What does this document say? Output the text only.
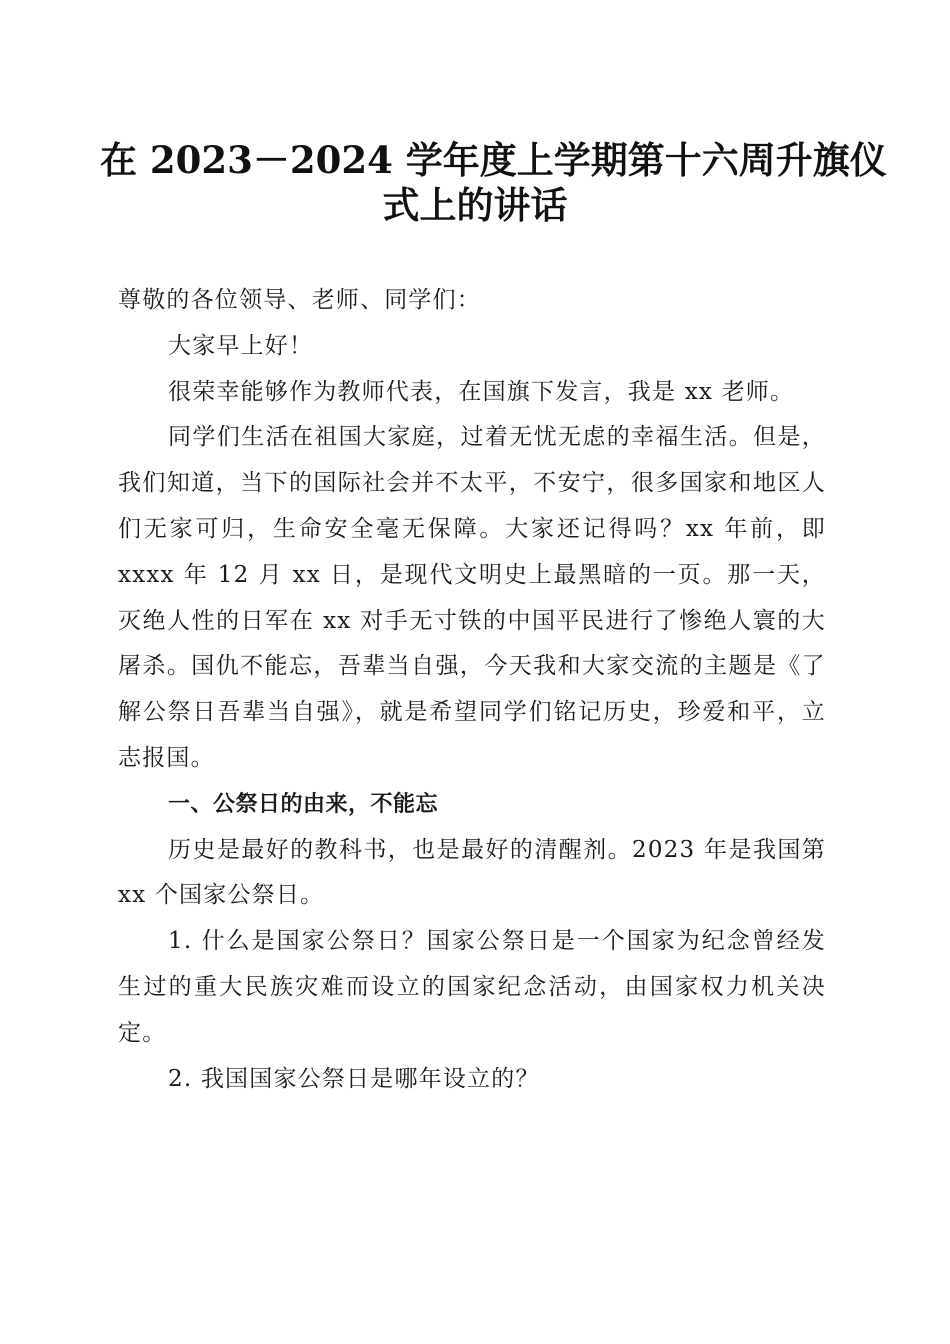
在 2023－2024 学年度上学期第十六周升旗仪
式上的讲话

尊敬的各位领导、老师、同学们：

大家早上好！

很荣幸能够作为教师代表，在国旗下发言，我是 xx 老师。

同学们生活在祖国大家庭，过着无忧无虑的幸福生活。但是，我们知道，当下的国际社会并不太平，不安宁，很多国家和地区人们无家可归，生命安全毫无保障。大家还记得吗？xx 年前，即 xxxx 年 12 月 xx 日，是现代文明史上最黑暗的一页。那一天，灭绝人性的日军在 xx 对手无寸铁的中国平民进行了惨绝人寰的大屠杀。国仇不能忘，吾辈当自强，今天我和大家交流的主题是《了解公祭日吾辈当自强》，就是希望同学们铭记历史，珍爱和平，立志报国。

一、公祭日的由来，不能忘

历史是最好的教科书，也是最好的清醒剂。2023 年是我国第 xx 个国家公祭日。

1. 什么是国家公祭日？国家公祭日是一个国家为纪念曾经发生过的重大民族灾难而设立的国家纪念活动，由国家权力机关决定。

2. 我国国家公祭日是哪年设立的？
